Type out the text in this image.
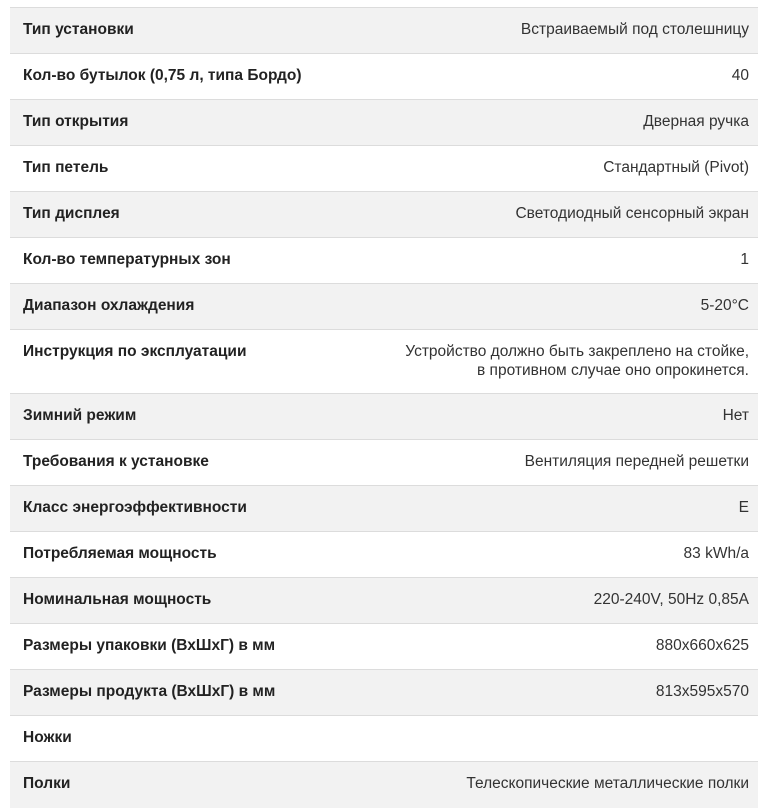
Тип установки	Встраиваемый под столешницу
Кол-во бутылок (0,75 л, типа Бордо)	40
Тип открытия	Дверная ручка
Тип петель	Стандартный (Pivot)
Тип дисплея	Светодиодный сенсорный экран
Кол-во температурных зон	1
Диапазон охлаждения	5-20°C
Инструкция по эксплуатации	Устройство должно быть закреплено на стойке,
в противном случае оно опрокинется.
Зимний режим	Нет
Требования к установке	Вентиляция передней решетки
Класс энергоэффективности	E
Потребляемая мощность	83 kWh/a
Номинальная мощность	220-240V, 50Hz 0,85A
Размеры упаковки (ВхШхГ) в мм	880x660x625
Размеры продукта (ВхШхГ) в мм	813x595x570
Ножки
Полки	Телескопические металлические полки
